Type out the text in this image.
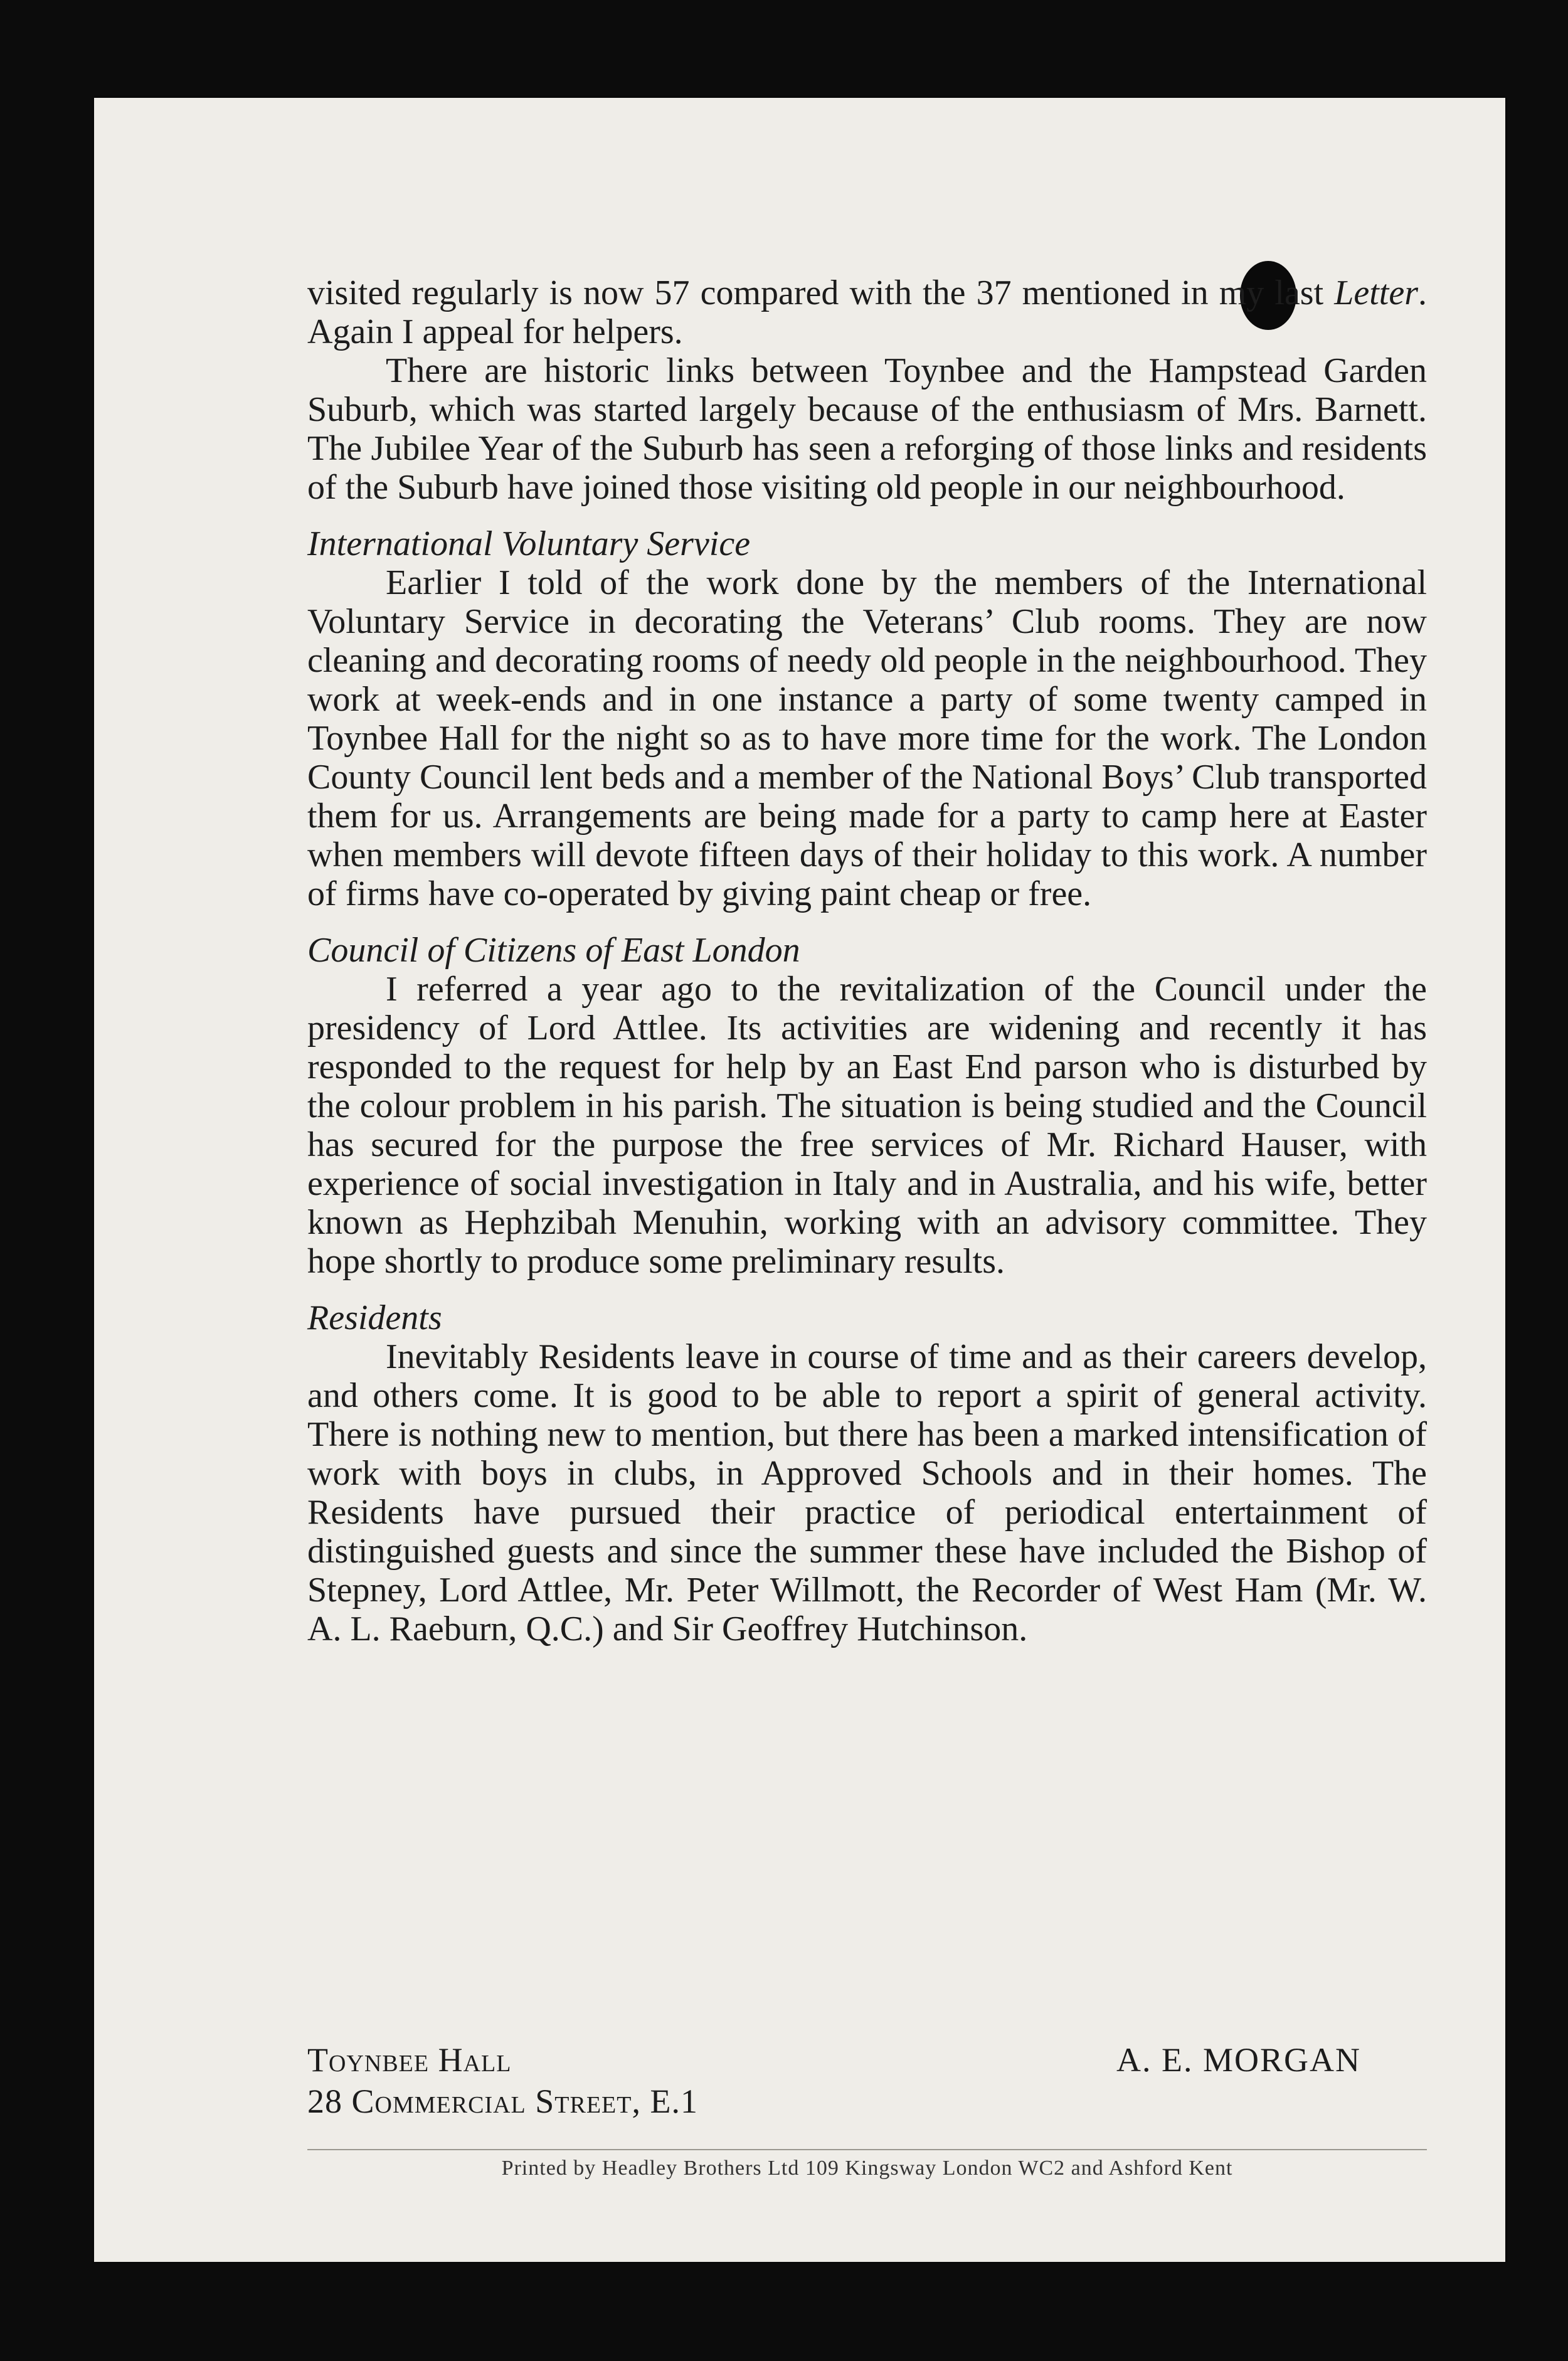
visited regularly is now 57 compared with the 37 mentioned in my last Letter. Again I appeal for helpers.

There are historic links between Toynbee and the Hampstead Garden Suburb, which was started largely because of the enthusiasm of Mrs. Barnett. The Jubilee Year of the Suburb has seen a reforging of those links and residents of the Suburb have joined those visiting old people in our neighbourhood.

International Voluntary Service

Earlier I told of the work done by the members of the International Voluntary Service in decorating the Veterans’ Club rooms. They are now cleaning and decorating rooms of needy old people in the neighbourhood. They work at week-ends and in one instance a party of some twenty camped in Toynbee Hall for the night so as to have more time for the work. The London County Council lent beds and a member of the National Boys’ Club transported them for us. Arrangements are being made for a party to camp here at Easter when members will devote fifteen days of their holiday to this work. A number of firms have co-operated by giving paint cheap or free.

Council of Citizens of East London

I referred a year ago to the revitalization of the Council under the presidency of Lord Attlee. Its activities are widening and recently it has responded to the request for help by an East End parson who is disturbed by the colour problem in his parish. The situation is being studied and the Council has secured for the purpose the free services of Mr. Richard Hauser, with experience of social investigation in Italy and in Australia, and his wife, better known as Hephzibah Menuhin, working with an advisory committee. They hope shortly to produce some preliminary results.

Residents

Inevitably Residents leave in course of time and as their careers develop, and others come. It is good to be able to report a spirit of general activity. There is nothing new to mention, but there has been a marked intensification of work with boys in clubs, in Approved Schools and in their homes. The Residents have pursued their practice of periodical entertainment of distinguished guests and since the summer these have included the Bishop of Stepney, Lord Attlee, Mr. Peter Willmott, the Recorder of West Ham (Mr. W. A. L. Raeburn, Q.C.) and Sir Geoffrey Hutchinson.

Toynbee Hall
28 Commercial Street, E.1
A. E. MORGAN
Printed by Headley Brothers Ltd 109 Kingsway London WC2 and Ashford Kent
